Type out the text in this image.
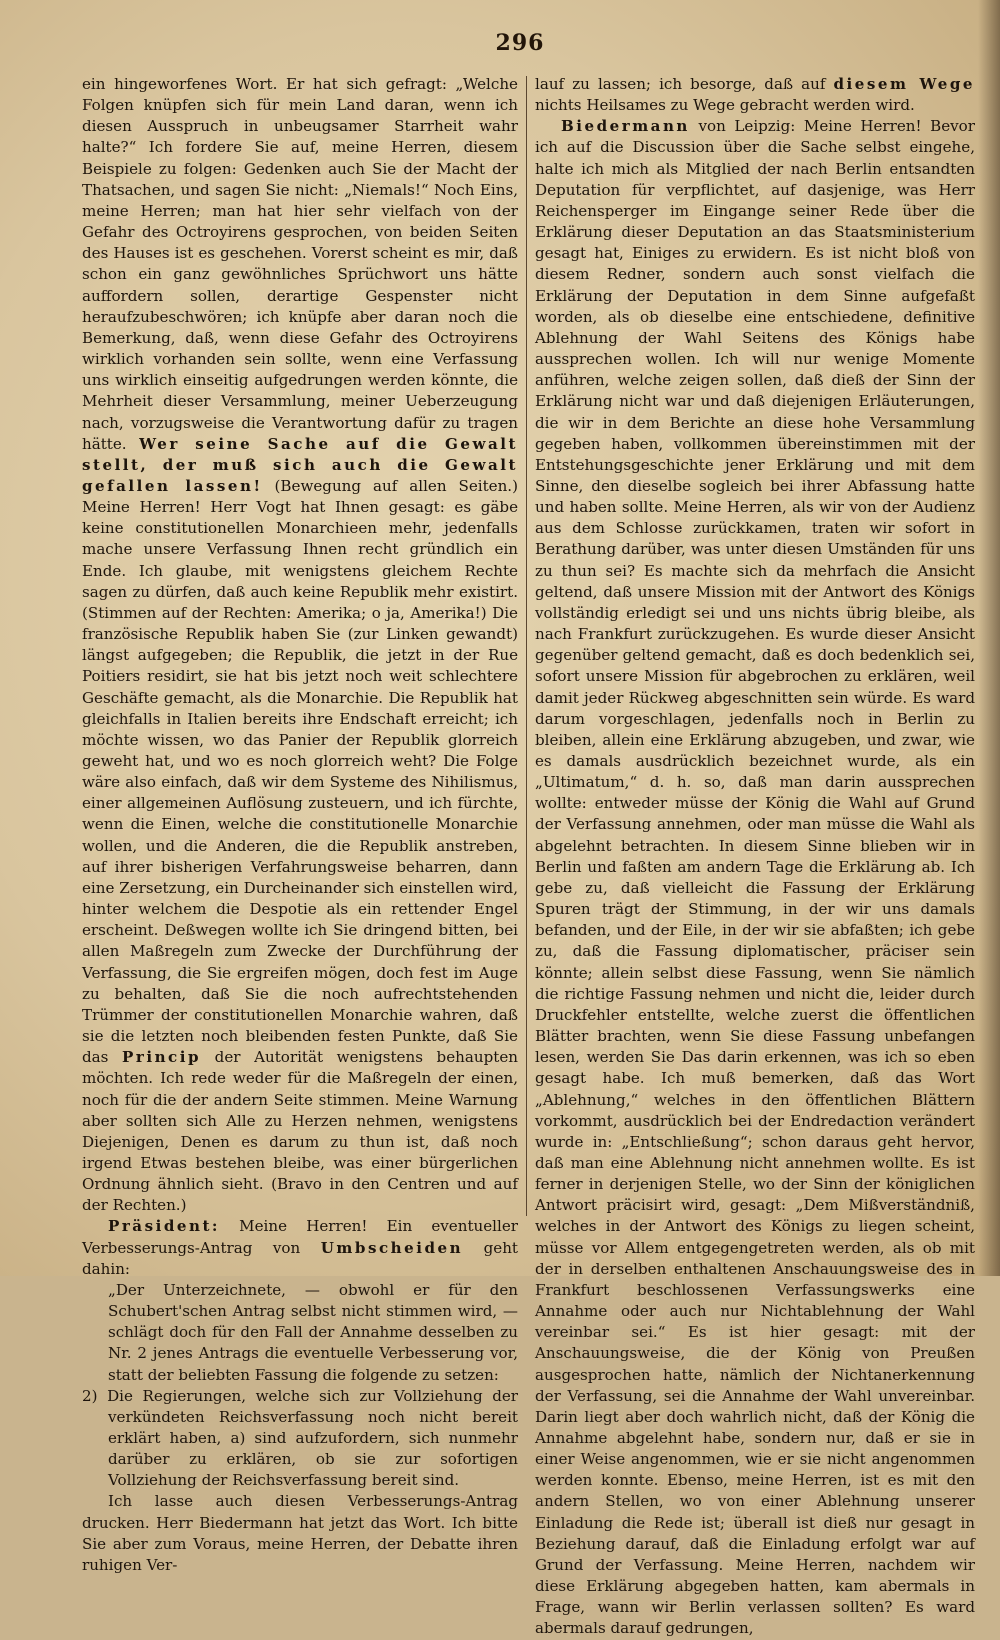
296

ein hingeworfenes Wort. Er hat sich gefragt: „Welche Folgen knüpfen sich für mein Land daran, wenn ich diesen Ausspruch in unbeugsamer Starrheit wahr halte?“ Ich fordere Sie auf, meine Herren, diesem Beispiele zu folgen: Gedenken auch Sie der Macht der Thatsachen, und sagen Sie nicht: „Niemals!“ Noch Eins, meine Herren; man hat hier sehr vielfach von der Gefahr des Octroyirens gesprochen, von beiden Seiten des Hauses ist es geschehen. Vorerst scheint es mir, daß schon ein ganz gewöhnliches Sprüchwort uns hätte auffordern sollen, derartige Gespenster nicht heraufzubeschwören; ich knüpfe aber daran noch die Bemerkung, daß, wenn diese Gefahr des Octroyirens wirklich vorhanden sein sollte, wenn eine Verfassung uns wirklich einseitig aufgedrungen werden könnte, die Mehrheit dieser Versammlung, meiner Ueberzeugung nach, vorzugsweise die Verantwortung dafür zu tragen hätte. Wer seine Sache auf die Gewalt stellt, der muß sich auch die Gewalt gefallen lassen! (Bewegung auf allen Seiten.) Meine Herren! Herr Vogt hat Ihnen gesagt: es gäbe keine constitutionellen Monarchieen mehr, jedenfalls mache unsere Verfassung Ihnen recht gründlich ein Ende. Ich glaube, mit wenigstens gleichem Rechte sagen zu dürfen, daß auch keine Republik mehr existirt. (Stimmen auf der Rechten: Amerika; o ja, Amerika!) Die französische Republik haben Sie (zur Linken gewandt) längst aufgegeben; die Republik, die jetzt in der Rue Poitiers residirt, sie hat bis jetzt noch weit schlechtere Geschäfte gemacht, als die Monarchie. Die Republik hat gleichfalls in Italien bereits ihre Endschaft erreicht; ich möchte wissen, wo das Panier der Republik glorreich geweht hat, und wo es noch glorreich weht? Die Folge wäre also einfach, daß wir dem Systeme des Nihilismus, einer allgemeinen Auflösung zusteuern, und ich fürchte, wenn die Einen, welche die constitutionelle Monarchie wollen, und die Anderen, die die Republik anstreben, auf ihrer bisherigen Verfahrungsweise beharren, dann eine Zersetzung, ein Durcheinander sich einstellen wird, hinter welchem die Despotie als ein rettender Engel erscheint. Deßwegen wollte ich Sie dringend bitten, bei allen Maßregeln zum Zwecke der Durchführung der Verfassung, die Sie ergreifen mögen, doch fest im Auge zu behalten, daß Sie die noch aufrechtstehenden Trümmer der constitutionellen Monarchie wahren, daß sie die letzten noch bleibenden festen Punkte, daß Sie das Princip der Autorität wenigstens behaupten möchten. Ich rede weder für die Maßregeln der einen, noch für die der andern Seite stimmen. Meine Warnung aber sollten sich Alle zu Herzen nehmen, wenigstens Diejenigen, Denen es darum zu thun ist, daß noch irgend Etwas bestehen bleibe, was einer bürgerlichen Ordnung ähnlich sieht. (Bravo in den Centren und auf der Rechten.)

Präsident: Meine Herren! Ein eventueller Verbesserungs-Antrag von Umbscheiden geht dahin:

„Der Unterzeichnete, — obwohl er für den Schubert'schen Antrag selbst nicht stimmen wird, — schlägt doch für den Fall der Annahme desselben zu Nr. 2 jenes Antrags die eventuelle Verbesserung vor, statt der beliebten Fassung die folgende zu setzen:

2) Die Regierungen, welche sich zur Vollziehung der verkündeten Reichsverfassung noch nicht bereit erklärt haben, a) sind aufzufordern, sich nunmehr darüber zu erklären, ob sie zur sofortigen Vollziehung der Reichsverfassung bereit sind.

Ich lasse auch diesen Verbesserungs-Antrag drucken. Herr Biedermann hat jetzt das Wort. Ich bitte Sie aber zum Voraus, meine Herren, der Debatte ihren ruhigen Ver-

lauf zu lassen; ich besorge, daß auf diesem Wege nichts Heilsames zu Wege gebracht werden wird.

Biedermann von Leipzig: Meine Herren! Bevor ich auf die Discussion über die Sache selbst eingehe, halte ich mich als Mitglied der nach Berlin entsandten Deputation für verpflichtet, auf dasjenige, was Herr Reichensperger im Eingange seiner Rede über die Erklärung dieser Deputation an das Staatsministerium gesagt hat, Einiges zu erwidern. Es ist nicht bloß von diesem Redner, sondern auch sonst vielfach die Erklärung der Deputation in dem Sinne aufgefaßt worden, als ob dieselbe eine entschiedene, definitive Ablehnung der Wahl Seitens des Königs habe aussprechen wollen. Ich will nur wenige Momente anführen, welche zeigen sollen, daß dieß der Sinn der Erklärung nicht war und daß diejenigen Erläuterungen, die wir in dem Berichte an diese hohe Versammlung gegeben haben, vollkommen übereinstimmen mit der Entstehungsgeschichte jener Erklärung und mit dem Sinne, den dieselbe sogleich bei ihrer Abfassung hatte und haben sollte. Meine Herren, als wir von der Audienz aus dem Schlosse zurückkamen, traten wir sofort in Berathung darüber, was unter diesen Umständen für uns zu thun sei? Es machte sich da mehrfach die Ansicht geltend, daß unsere Mission mit der Antwort des Königs vollständig erledigt sei und uns nichts übrig bleibe, als nach Frankfurt zurückzugehen. Es wurde dieser Ansicht gegenüber geltend gemacht, daß es doch bedenklich sei, sofort unsere Mission für abgebrochen zu erklären, weil damit jeder Rückweg abgeschnitten sein würde. Es ward darum vorgeschlagen, jedenfalls noch in Berlin zu bleiben, allein eine Erklärung abzugeben, und zwar, wie es damals ausdrücklich bezeichnet wurde, als ein „Ultimatum,“ d. h. so, daß man darin aussprechen wollte: entweder müsse der König die Wahl auf Grund der Verfassung annehmen, oder man müsse die Wahl als abgelehnt betrachten. In diesem Sinne blieben wir in Berlin und faßten am andern Tage die Erklärung ab. Ich gebe zu, daß vielleicht die Fassung der Erklärung Spuren trägt der Stimmung, in der wir uns damals befanden, und der Eile, in der wir sie abfaßten; ich gebe zu, daß die Fassung diplomatischer, präciser sein könnte; allein selbst diese Fassung, wenn Sie nämlich die richtige Fassung nehmen und nicht die, leider durch Druckfehler entstellte, welche zuerst die öffentlichen Blätter brachten, wenn Sie diese Fassung unbefangen lesen, werden Sie Das darin erkennen, was ich so eben gesagt habe. Ich muß bemerken, daß das Wort „Ablehnung,“ welches in den öffentlichen Blättern vorkommt, ausdrücklich bei der Endredaction verändert wurde in: „Entschließung“; schon daraus geht hervor, daß man eine Ablehnung nicht annehmen wollte. Es ist ferner in derjenigen Stelle, wo der Sinn der königlichen Antwort präcisirt wird, gesagt: „Dem Mißverständniß, welches in der Antwort des Königs zu liegen scheint, müsse vor Allem entgegengetreten werden, als ob mit der in derselben enthaltenen Anschauungsweise des in Frankfurt beschlossenen Verfassungswerks eine Annahme oder auch nur Nichtablehnung der Wahl vereinbar sei.“ Es ist hier gesagt: mit der Anschauungsweise, die der König von Preußen ausgesprochen hatte, nämlich der Nichtanerkennung der Verfassung, sei die Annahme der Wahl unvereinbar. Darin liegt aber doch wahrlich nicht, daß der König die Annahme abgelehnt habe, sondern nur, daß er sie in einer Weise angenommen, wie er sie nicht angenommen werden konnte. Ebenso, meine Herren, ist es mit den andern Stellen, wo von einer Ablehnung unserer Einladung die Rede ist; überall ist dieß nur gesagt in Beziehung darauf, daß die Einladung erfolgt war auf Grund der Verfassung. Meine Herren, nachdem wir diese Erklärung abgegeben hatten, kam abermals in Frage, wann wir Berlin verlassen sollten? Es ward abermals darauf gedrungen,
